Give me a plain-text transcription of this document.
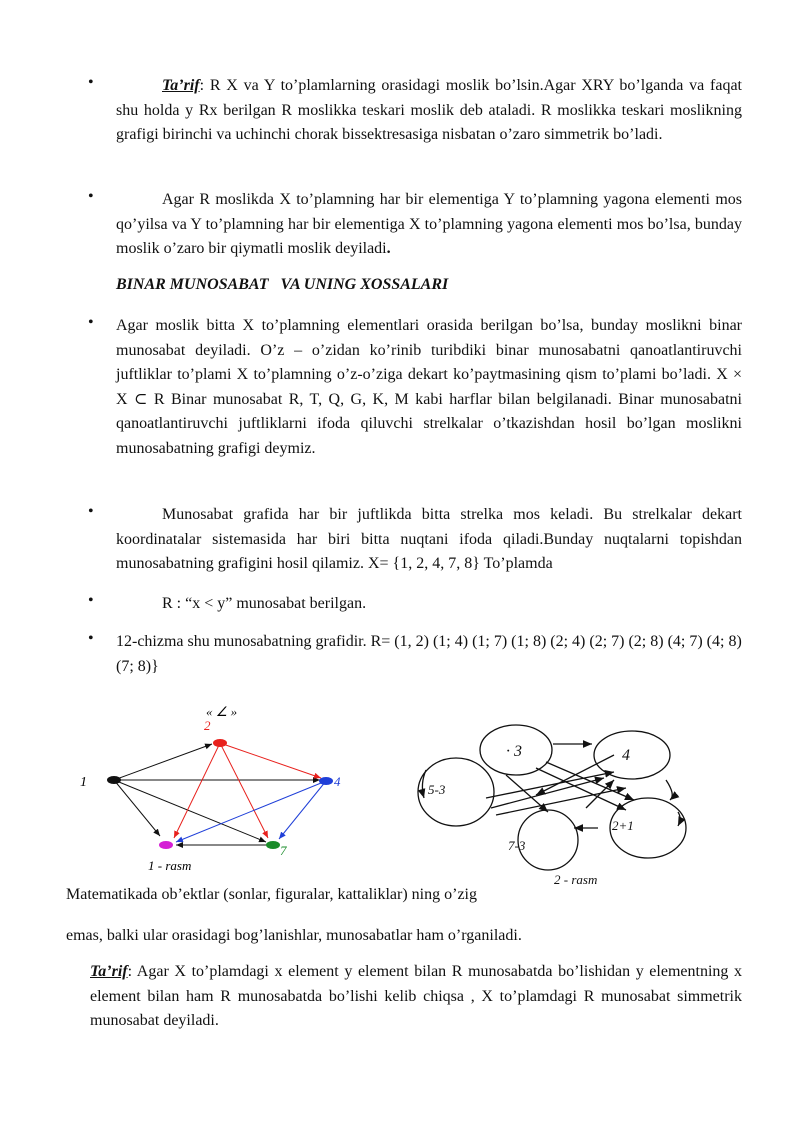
•	Ta’rif: R X va Y to’plamlarning orasidagi moslik bo’lsin.Agar XRY bo’lganda va faqat shu holda y Rx berilgan R moslikka teskari moslik deb ataladi. R moslikka teskari moslikning grafigi birinchi va uchinchi chorak bissektresasiga nisbatan o’zaro simmetrik bo’ladi.
•	Agar R moslikda X to’plamning har bir elementiga Y to’plamning yagona elementi mos qo’yilsa va Y to’plamning har bir elementiga X to’plamning yagona elementi mos bo’lsa, bunday moslik o’zaro bir qiymatli moslik deyiladi.
BINAR MUNOSABAT   VA UNING XOSSALARI
• Agar moslik bitta X to’plamning elementlari orasida berilgan bo’lsa, bunday moslikni binar munosabat deyiladi. O’z – o’zidan ko’rinib turibdiki binar munosabatni qanoatlantiruvchi juftliklar to’plami X to’plamning o’z-o’ziga dekart ko’paytmasining qism to’plami bo’ladi. X × X ⊂ R Binar munosabat R, T, Q, G, K, M kabi harflar bilan belgilanadi. Binar munosabatni qanoatlantiruvchi juftliklarni ifoda qiluvchi strelkalar o’tkazishdan hosil bo’lgan moslikni munosabatning grafigi deymiz.
•	Munosabat grafida har bir juftlikda bitta strelka mos keladi. Bu strelkalar dekart koordinatalar sistemasida har biri bitta nuqtani ifoda qiladi.Bunday nuqtalarni topishdan munosabatning grafigini hosil qilamiz. X= {1, 2, 4, 7, 8} To’plamda
•	R : “x < y” munosabat berilgan.
• 12-chizma shu munosabatning grafidir. R= (1, 2) (1; 4) (1; 7) (1; 8) (2; 4) (2; 7) (2; 8) (4; 7) (4; 8) (7; 8)}
« ∠ »
2
1	4
7
1 - rasm
· 3	4
5-3
7-3
2+1
2 - rasm
Matematikada ob’ektlar (sonlar, figuralar, kattaliklar) ning o’zig
emas, balki ular orasidagi bog’lanishlar, munosabatlar ham o’rganiladi.
Ta’rif: Agar X to’plamdagi x element y element bilan R munosabatda bo’lishidan y elementning x element bilan ham R munosabatda bo’lishi kelib chiqsa , X to’plamdagi R munosabat simmetrik munosabat deyiladi.
